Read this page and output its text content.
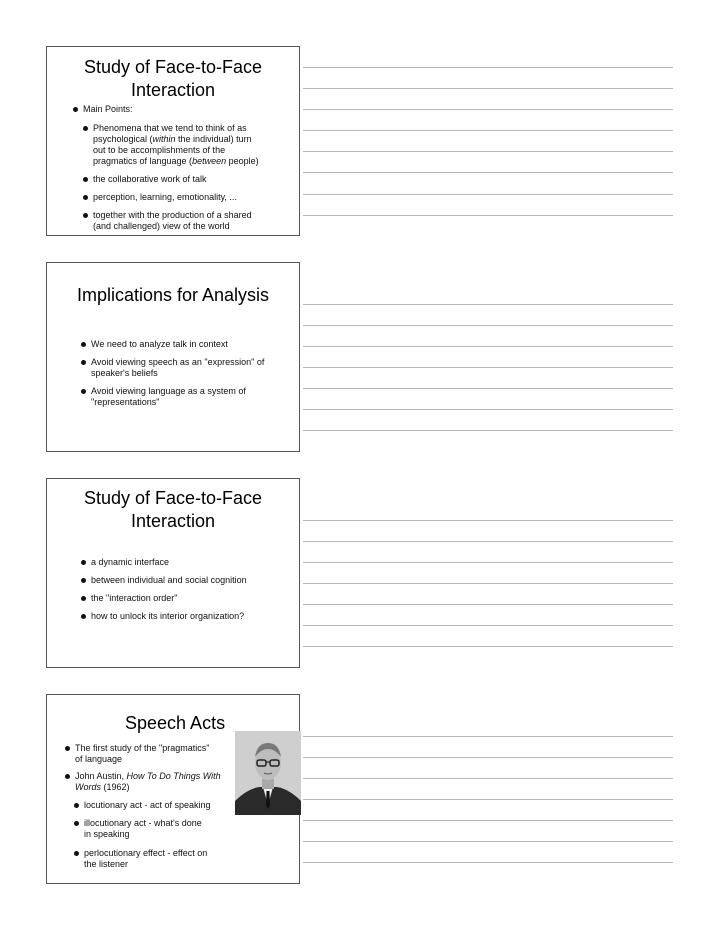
Study of Face-to-Face
Interaction
Main Points:
Phenomena that we tend to think of as
psychological (within the individual) turn
out to be accomplishments of the
pragmatics of language (between people)
the collaborative work of talk
perception, learning, emotionality, ...
together with the production of a shared
(and challenged) view of the world
Implications for Analysis
We need to analyze talk in context
Avoid viewing speech as an "expression" of
speaker's beliefs
Avoid viewing language as a system of
"representations"
Study of Face-to-Face
Interaction
a dynamic interface
between individual and social cognition
the "interaction order"
how to unlock its interior organization?
Speech Acts
The first study of the "pragmatics"
of language
John Austin, How To Do Things With
Words (1962)
locutionary act - act of speaking
illocutionary act - what's done
in speaking
perlocutionary effect - effect on
the listener
